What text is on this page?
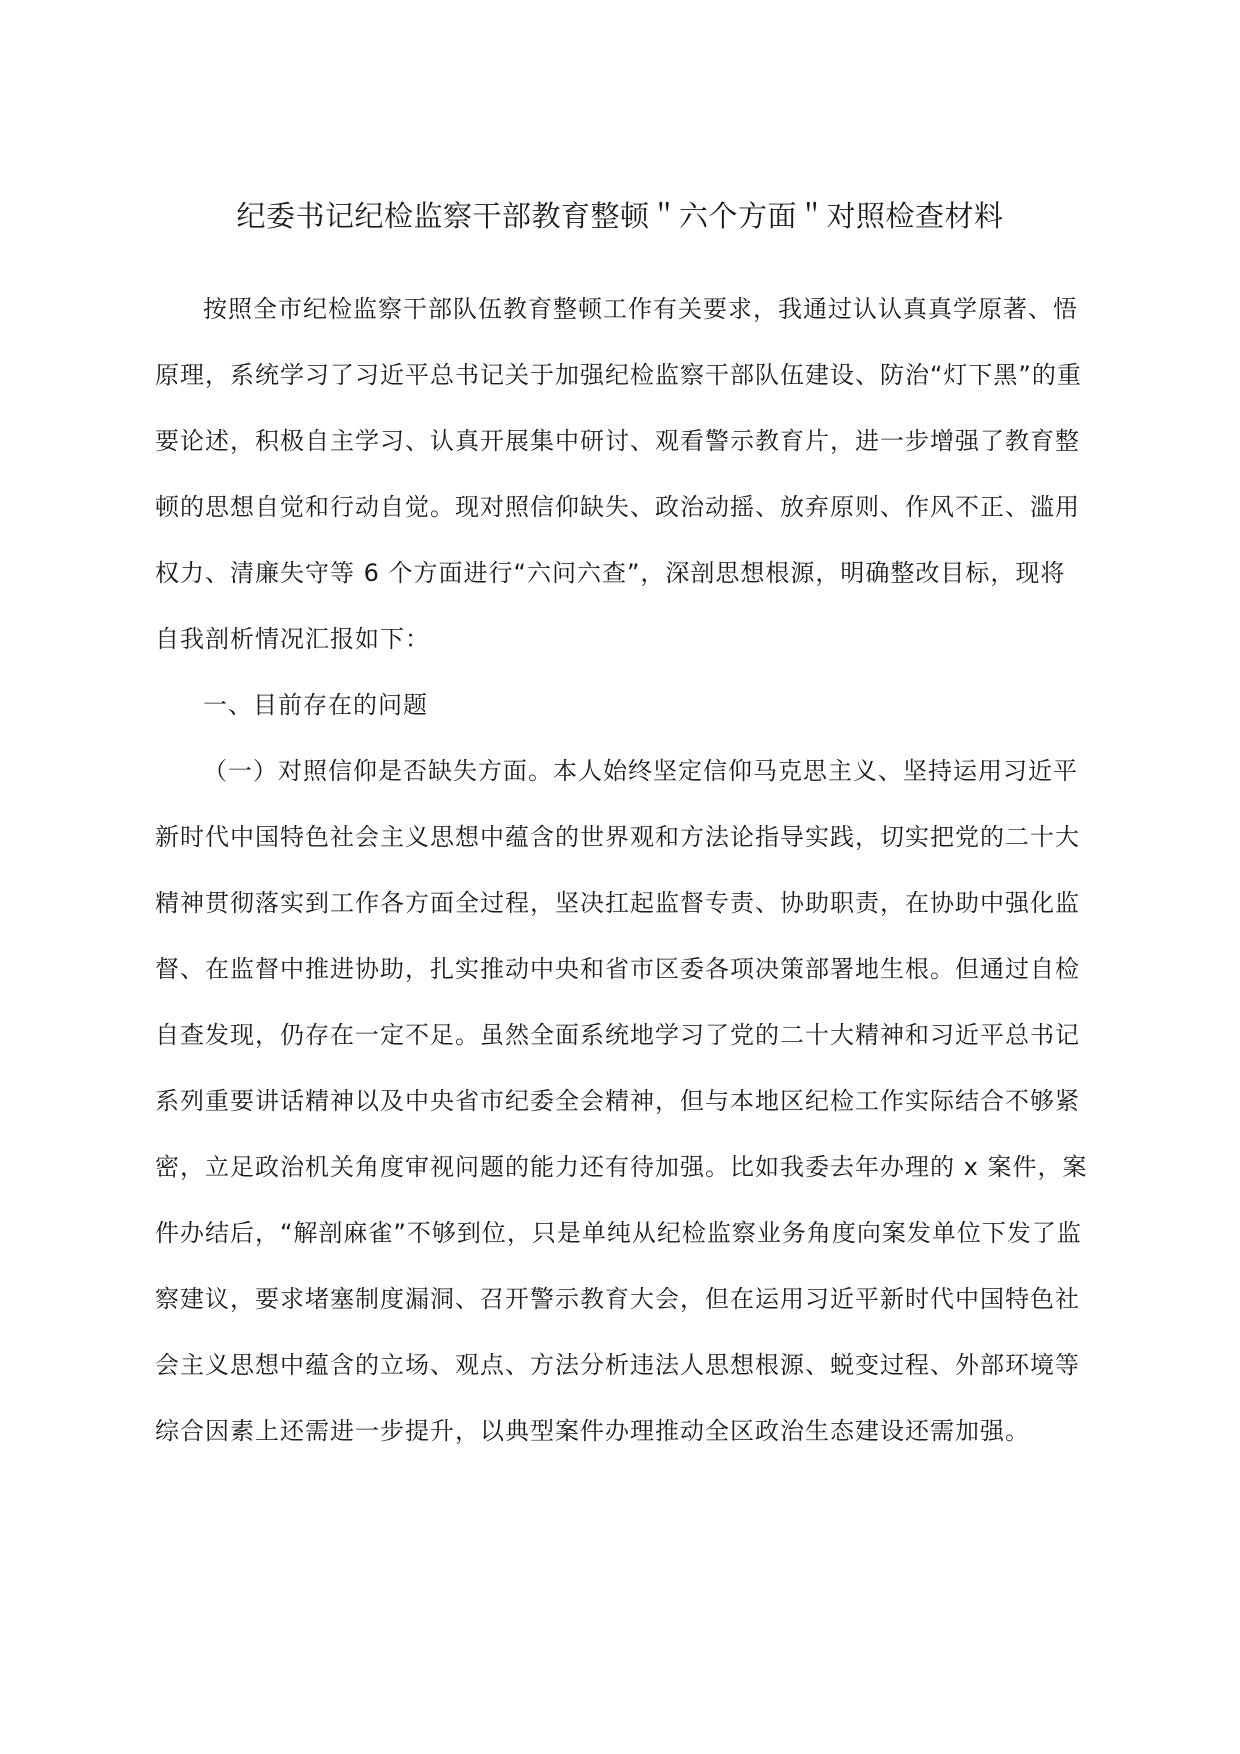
纪委书记纪检监察干部教育整顿＂六个方面＂对照检查材料

按照全市纪检监察干部队伍教育整顿工作有关要求，我通过认认真真学原著、悟原理，系统学习了习近平总书记关于加强纪检监察干部队伍建设、防治“灯下黑”的重要论述，积极自主学习、认真开展集中研讨、观看警示教育片，进一步增强了教育整顿的思想自觉和行动自觉。现对照信仰缺失、政治动摇、放弃原则、作风不正、滥用权力、清廉失守等 6 个方面进行“六问六查”，深剖思想根源，明确整改目标，现将自我剖析情况汇报如下：

一、目前存在的问题

（一）对照信仰是否缺失方面。本人始终坚定信仰马克思主义、坚持运用习近平新时代中国特色社会主义思想中蕴含的世界观和方法论指导实践，切实把党的二十大精神贯彻落实到工作各方面全过程，坚决扛起监督专责、协助职责，在协助中强化监督、在监督中推进协助，扎实推动中央和省市区委各项决策部署地生根。但通过自检自查发现，仍存在一定不足。虽然全面系统地学习了党的二十大精神和习近平总书记系列重要讲话精神以及中央省市纪委全会精神，但与本地区纪检工作实际结合不够紧密，立足政治机关角度审视问题的能力还有待加强。比如我委去年办理的 x 案件，案件办结后，“解剖麻雀”不够到位，只是单纯从纪检监察业务角度向案发单位下发了监察建议，要求堵塞制度漏洞、召开警示教育大会，但在运用习近平新时代中国特色社会主义思想中蕴含的立场、观点、方法分析违法人思想根源、蜕变过程、外部环境等综合因素上还需进一步提升，以典型案件办理推动全区政治生态建设还需加强。
